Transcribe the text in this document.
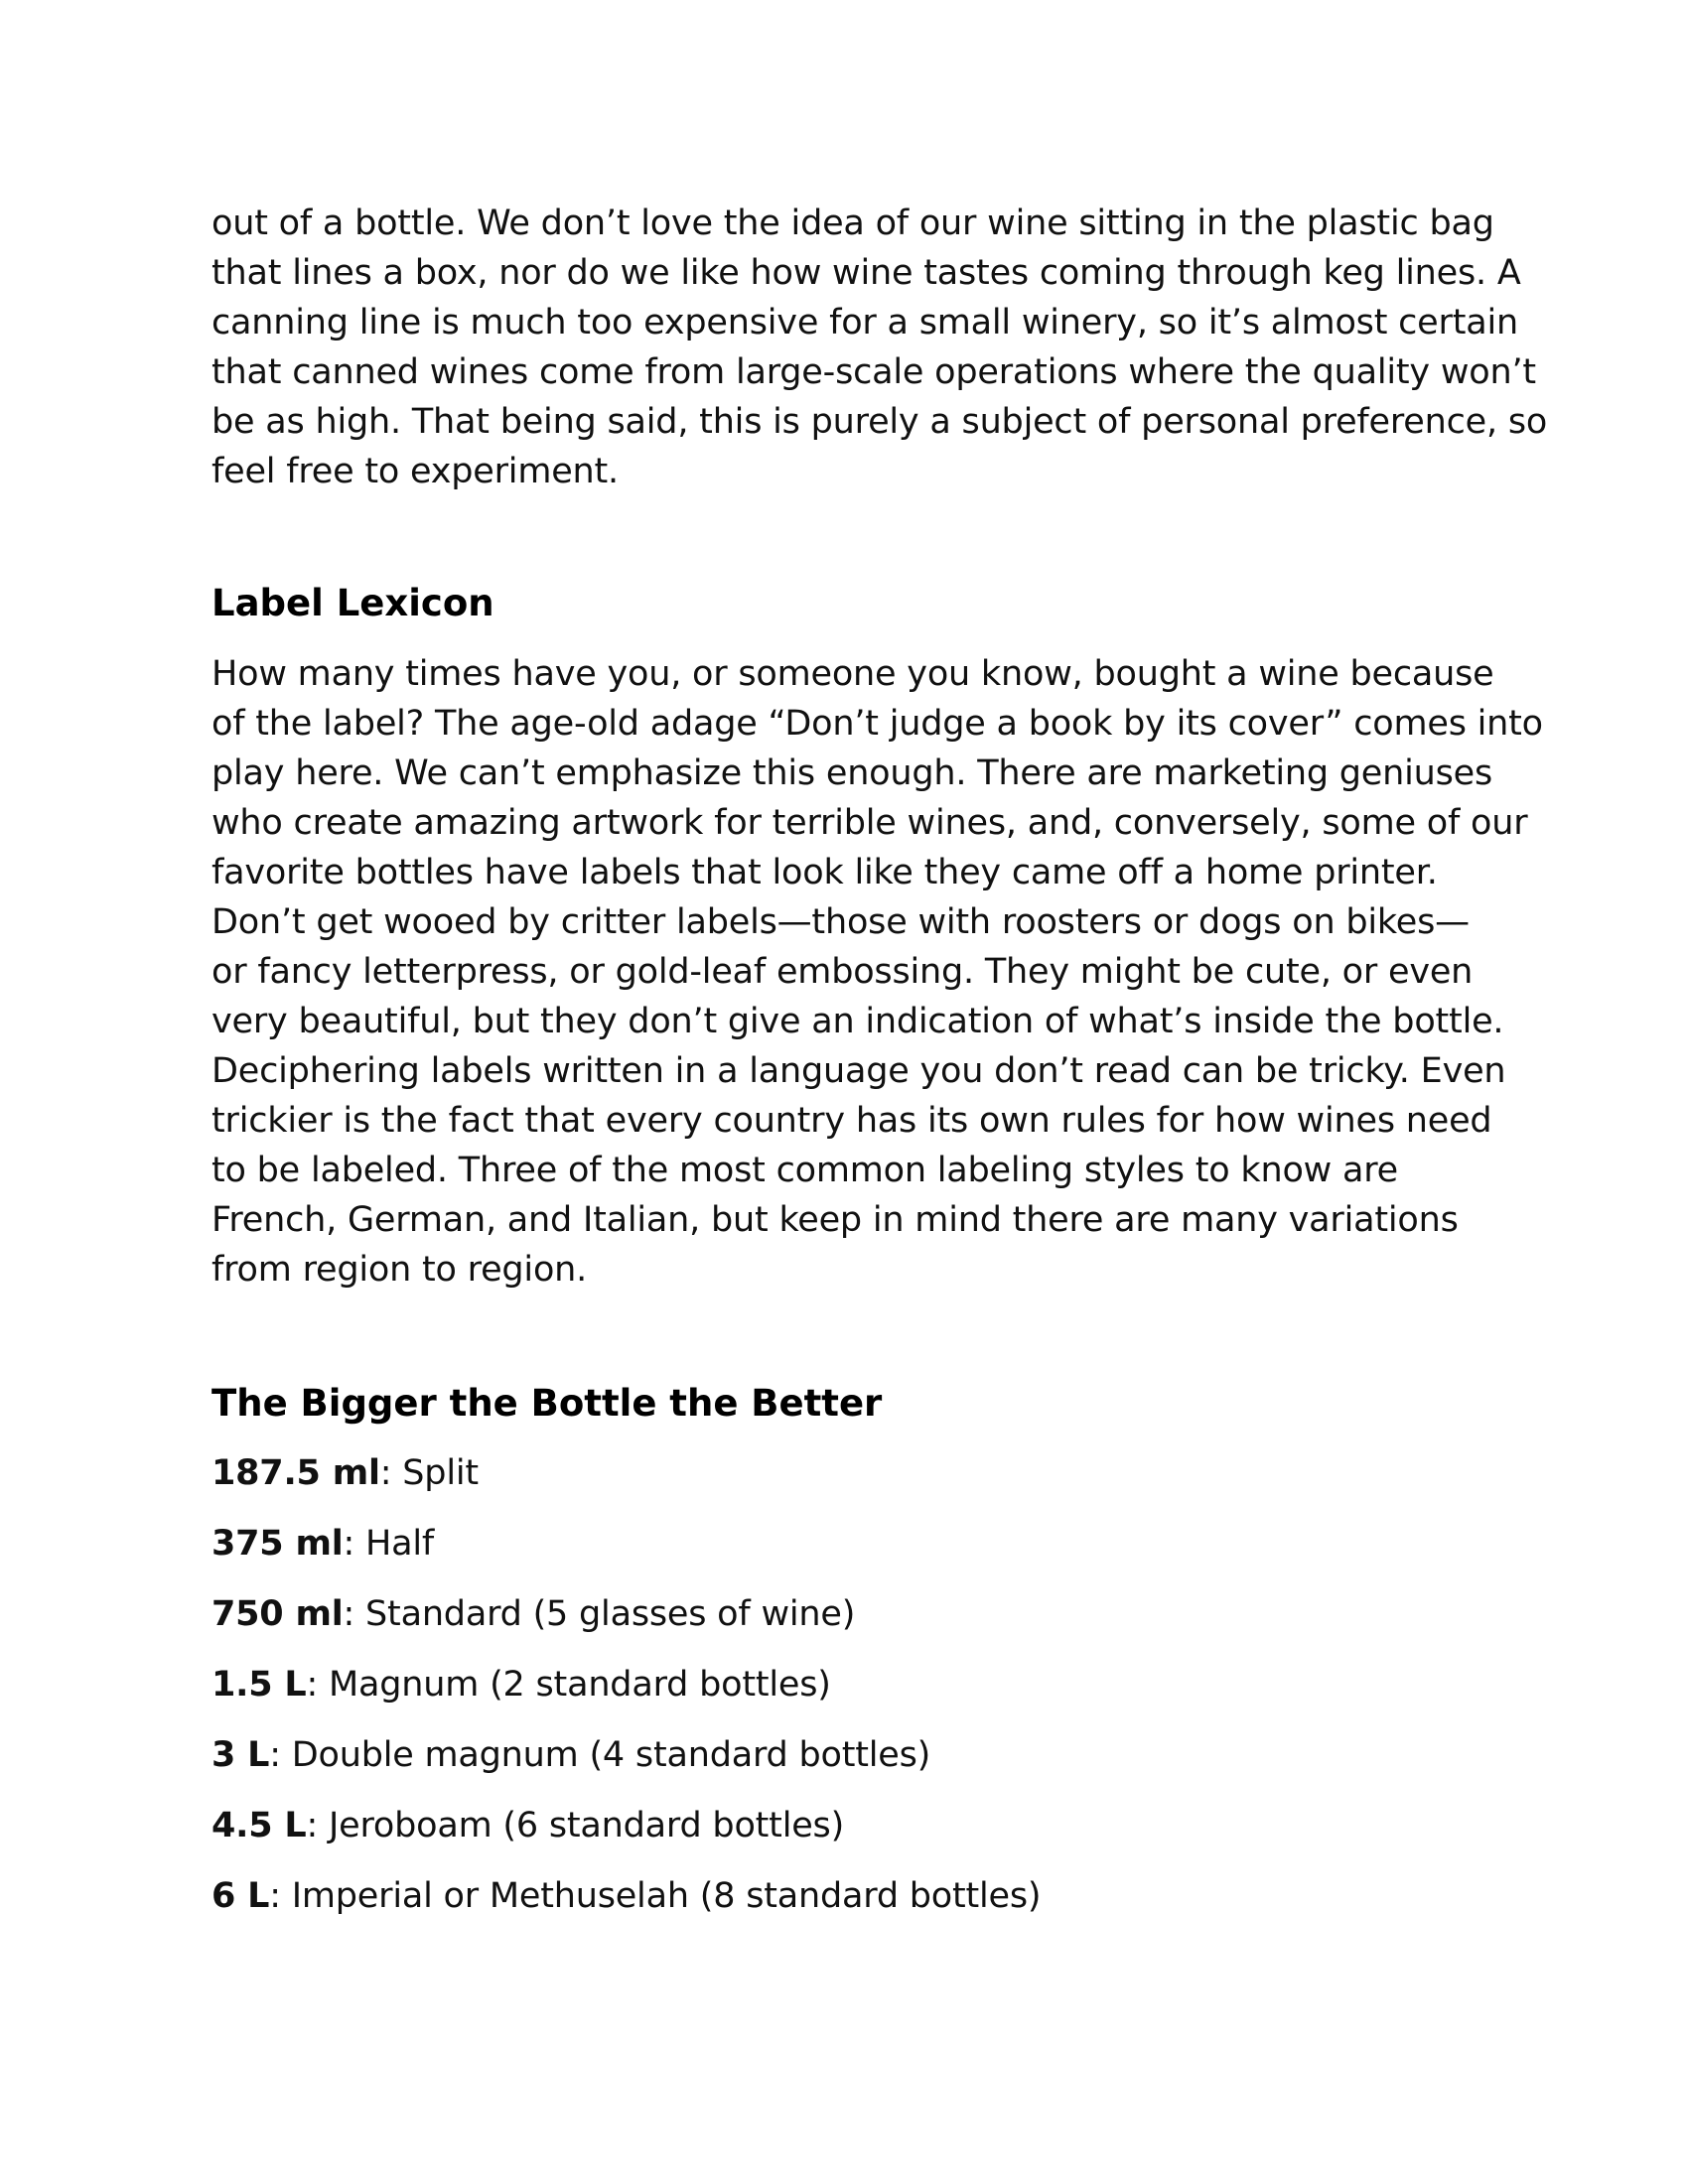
out of a bottle. We don’t love the idea of our wine sitting in the plastic bag
that lines a box, nor do we like how wine tastes coming through keg lines. A
canning line is much too expensive for a small winery, so it’s almost certain
that canned wines come from large-scale operations where the quality won’t
be as high. That being said, this is purely a subject of personal preference, so
feel free to experiment.

Label Lexicon

How many times have you, or someone you know, bought a wine because
of the label? The age-old adage “Don’t judge a book by its cover” comes into
play here. We can’t emphasize this enough. There are marketing geniuses
who create amazing artwork for terrible wines, and, conversely, some of our
favorite bottles have labels that look like they came off a home printer.
Don’t get wooed by critter labels—those with roosters or dogs on bikes—
or fancy letterpress, or gold-leaf embossing. They might be cute, or even
very beautiful, but they don’t give an indication of what’s inside the bottle.
Deciphering labels written in a language you don’t read can be tricky. Even
trickier is the fact that every country has its own rules for how wines need
to be labeled. Three of the most common labeling styles to know are
French, German, and Italian, but keep in mind there are many variations
from region to region.

The Bigger the Bottle the Better
187.5 ml: Split
375 ml: Half
750 ml: Standard (5 glasses of wine)
1.5 L: Magnum (2 standard bottles)
3 L: Double magnum (4 standard bottles)
4.5 L: Jeroboam (6 standard bottles)
6 L: Imperial or Methuselah (8 standard bottles)
